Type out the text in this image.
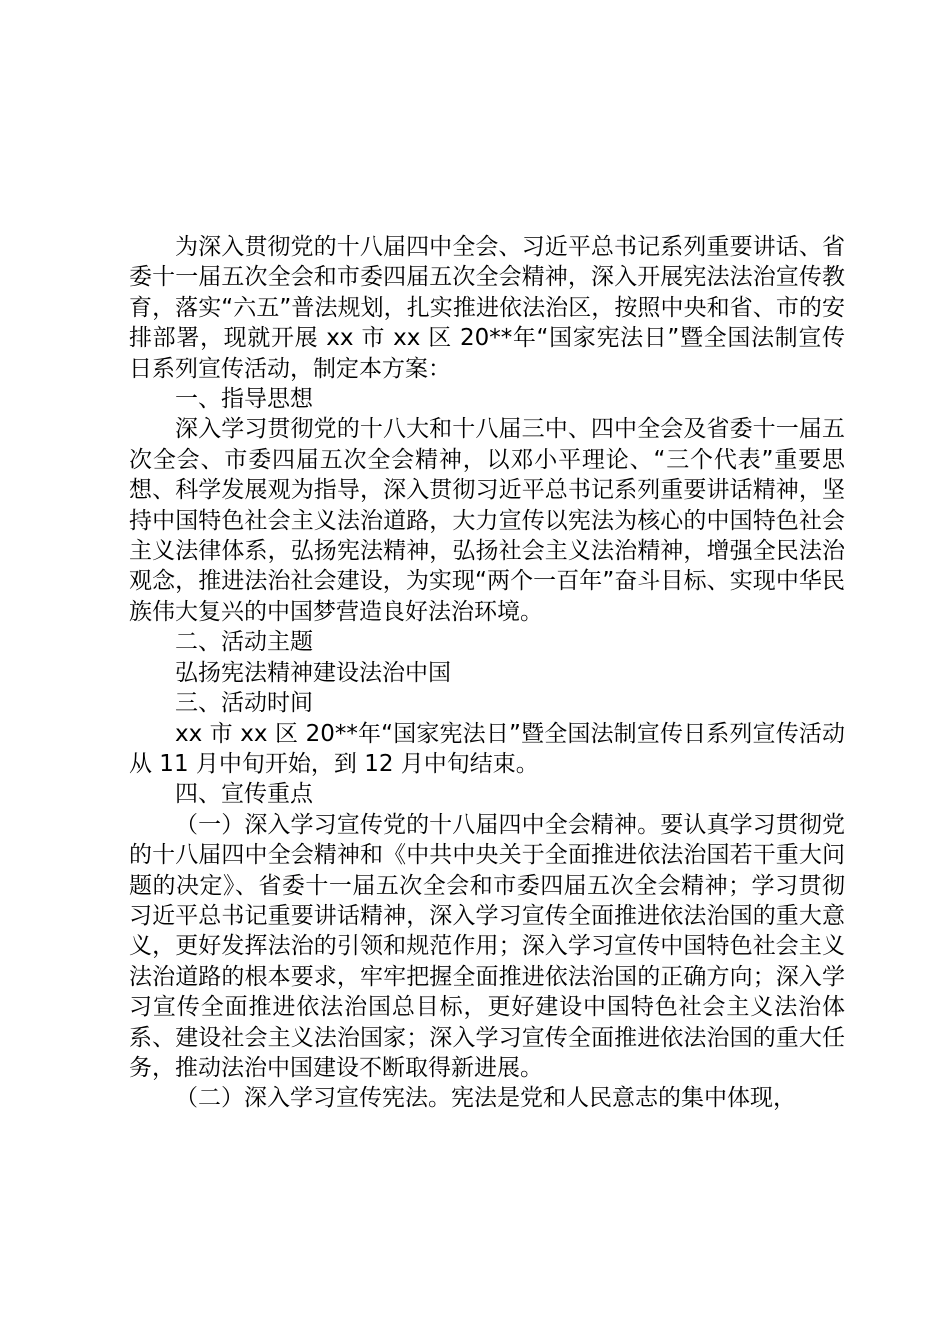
为深入贯彻党的十八届四中全会、习近平总书记系列重要讲话、省委十一届五次全会和市委四届五次全会精神，深入开展宪法法治宣传教育，落实“六五”普法规划，扎实推进依法治区，按照中央和省、市的安排部署，现就开展 xx 市 xx 区 20**年“国家宪法日”暨全国法制宣传日系列宣传活动，制定本方案：

一、指导思想

深入学习贯彻党的十八大和十八届三中、四中全会及省委十一届五次全会、市委四届五次全会精神，以邓小平理论、“三个代表”重要思想、科学发展观为指导，深入贯彻习近平总书记系列重要讲话精神，坚持中国特色社会主义法治道路，大力宣传以宪法为核心的中国特色社会主义法律体系，弘扬宪法精神，弘扬社会主义法治精神，增强全民法治观念，推进法治社会建设，为实现“两个一百年”奋斗目标、实现中华民族伟大复兴的中国梦营造良好法治环境。

二、活动主题

弘扬宪法精神建设法治中国

三、活动时间

xx 市 xx 区 20**年“国家宪法日”暨全国法制宣传日系列宣传活动从 11 月中旬开始，到 12 月中旬结束。

四、宣传重点

（一）深入学习宣传党的十八届四中全会精神。要认真学习贯彻党的十八届四中全会精神和《中共中央关于全面推进依法治国若干重大问题的决定》、省委十一届五次全会和市委四届五次全会精神；学习贯彻习近平总书记重要讲话精神，深入学习宣传全面推进依法治国的重大意义，更好发挥法治的引领和规范作用；深入学习宣传中国特色社会主义法治道路的根本要求，牢牢把握全面推进依法治国的正确方向；深入学习宣传全面推进依法治国总目标，更好建设中国特色社会主义法治体系、建设社会主义法治国家；深入学习宣传全面推进依法治国的重大任务，推动法治中国建设不断取得新进展。

（二）深入学习宣传宪法。宪法是党和人民意志的集中体现，
